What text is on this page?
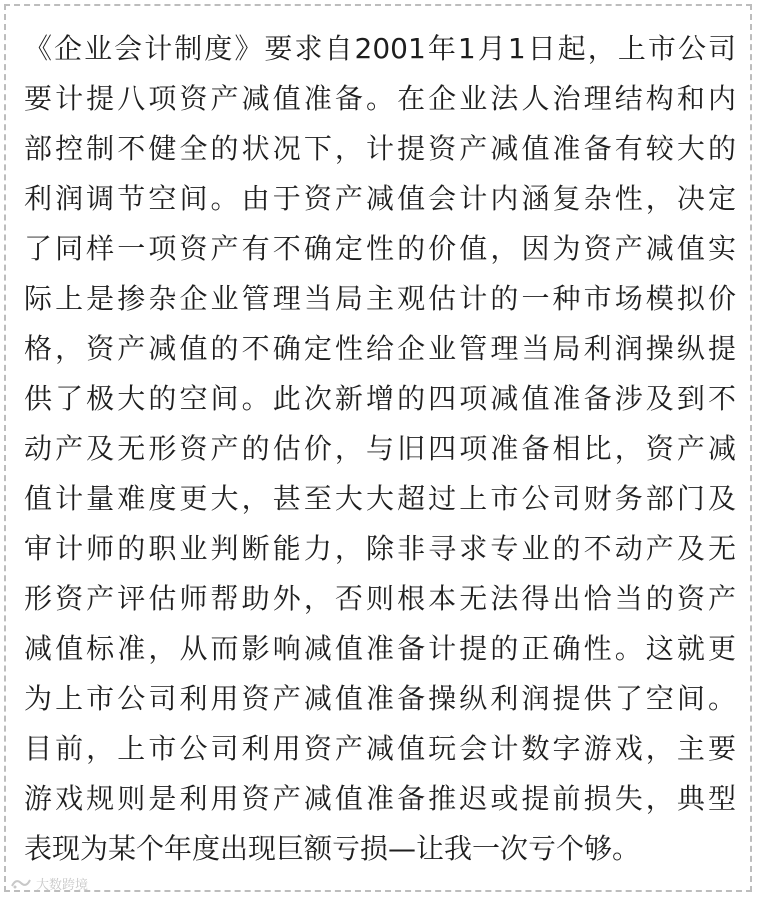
《企业会计制度》要求自2001年1月1日起，上市公司
要计提八项资产减值准备。在企业法人治理结构和内
部控制不健全的状况下，计提资产减值准备有较大的
利润调节空间。由于资产减值会计内涵复杂性，决定
了同样一项资产有不确定性的价值，因为资产减值实
际上是掺杂企业管理当局主观估计的一种市场模拟价
格，资产减值的不确定性给企业管理当局利润操纵提
供了极大的空间。此次新增的四项减值准备涉及到不
动产及无形资产的估价，与旧四项准备相比，资产减
值计量难度更大，甚至大大超过上市公司财务部门及
审计师的职业判断能力，除非寻求专业的不动产及无
形资产评估师帮助外，否则根本无法得出恰当的资产
减值标准，从而影响减值准备计提的正确性。这就更
为上市公司利用资产减值准备操纵利润提供了空间。
目前，上市公司利用资产减值玩会计数字游戏，主要
游戏规则是利用资产减值准备推迟或提前损失，典型
表现为某个年度出现巨额亏损—让我一次亏个够。
大数跨境
